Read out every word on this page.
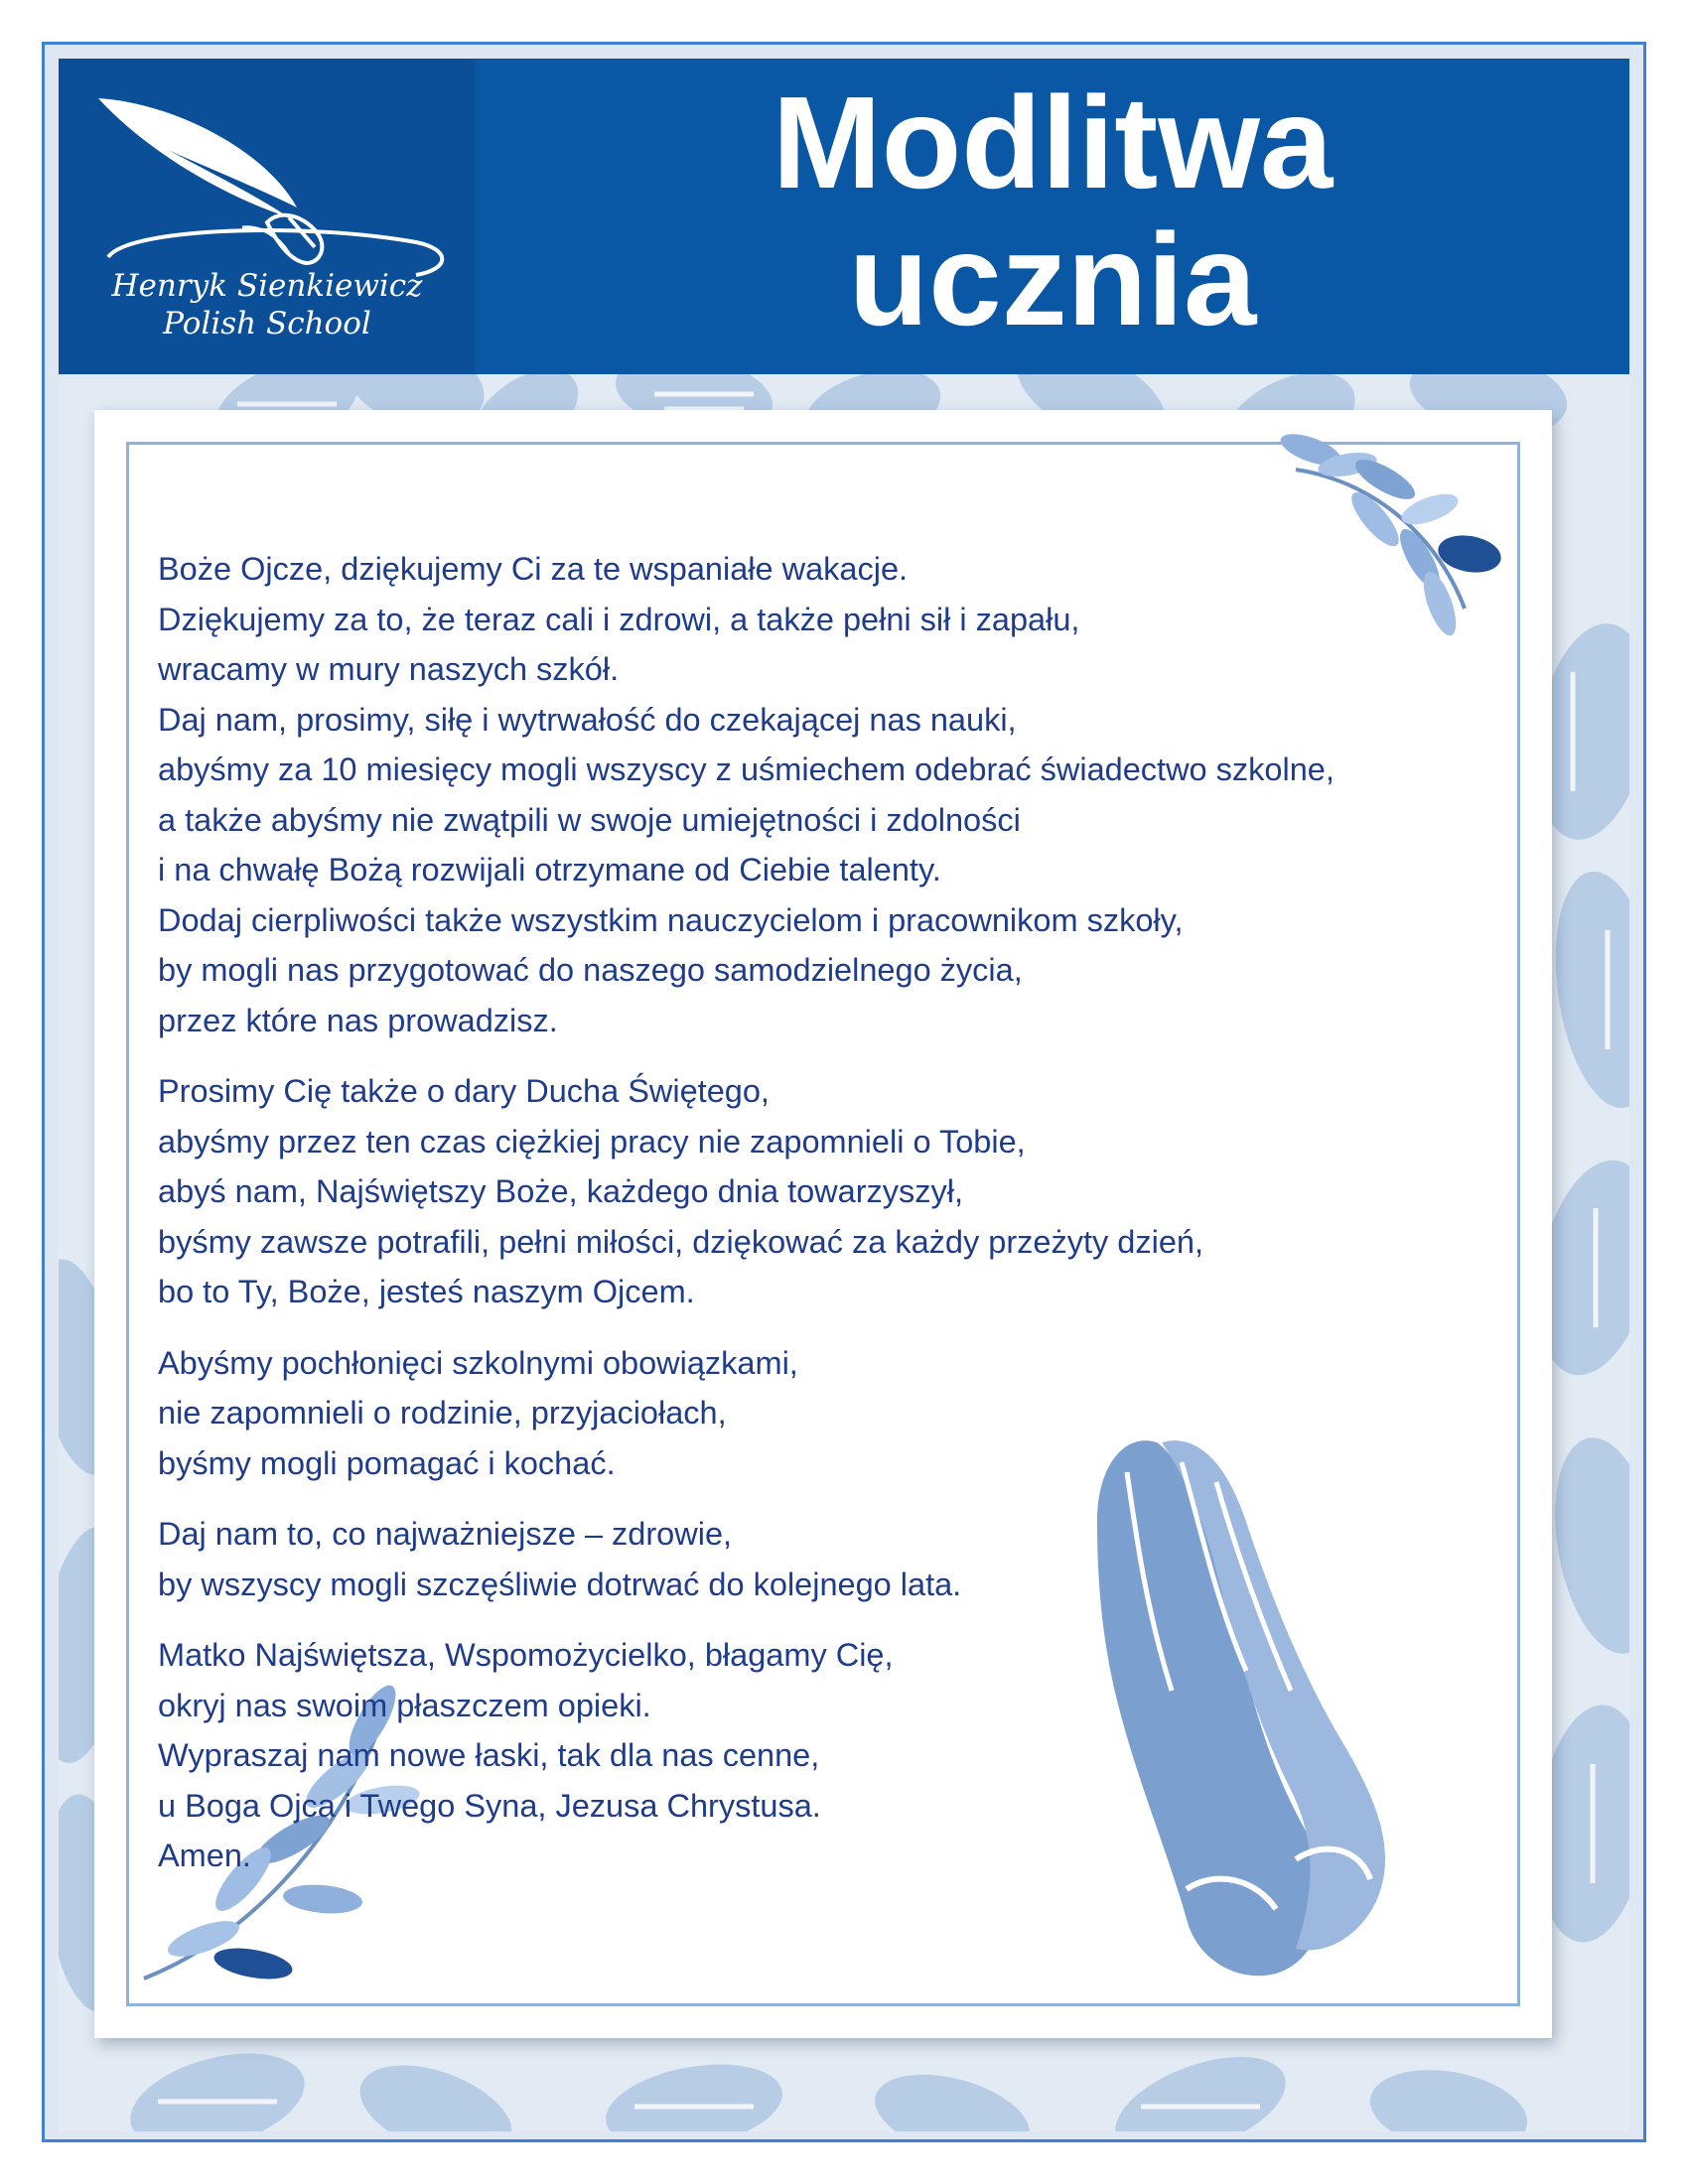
Henryk Sienkiewicz
Polish School
Modlitwa
ucznia
Boże Ojcze, dziękujemy Ci za te wspaniałe wakacje.
Dziękujemy za to, że teraz cali i zdrowi, a także pełni sił i zapału,
wracamy w mury naszych szkół.
Daj nam, prosimy, siłę i wytrwałość do czekającej nas nauki,
abyśmy za 10 miesięcy mogli wszyscy z uśmiechem odebrać świadectwo szkolne,
a także abyśmy nie zwątpili w swoje umiejętności i zdolności
i na chwałę Bożą rozwijali otrzymane od Ciebie talenty.
Dodaj cierpliwości także wszystkim nauczycielom i pracownikom szkoły,
by mogli nas przygotować do naszego samodzielnego życia,
przez które nas prowadzisz.
Prosimy Cię także o dary Ducha Świętego,
abyśmy przez ten czas ciężkiej pracy nie zapomnieli o Tobie,
abyś nam, Najświętszy Boże, każdego dnia towarzyszył,
byśmy zawsze potrafili, pełni miłości, dziękować za każdy przeżyty dzień,
bo to Ty, Boże, jesteś naszym Ojcem.
Abyśmy pochłonięci szkolnymi obowiązkami,
nie zapomnieli o rodzinie, przyjaciołach,
byśmy mogli pomagać i kochać.
Daj nam to, co najważniejsze – zdrowie,
by wszyscy mogli szczęśliwie dotrwać do kolejnego lata.
Matko Najświętsza, Wspomożycielko, błagamy Cię,
okryj nas swoim płaszczem opieki.
Wypraszaj nam nowe łaski, tak dla nas cenne,
u Boga Ojca i Twego Syna, Jezusa Chrystusa.
Amen.
